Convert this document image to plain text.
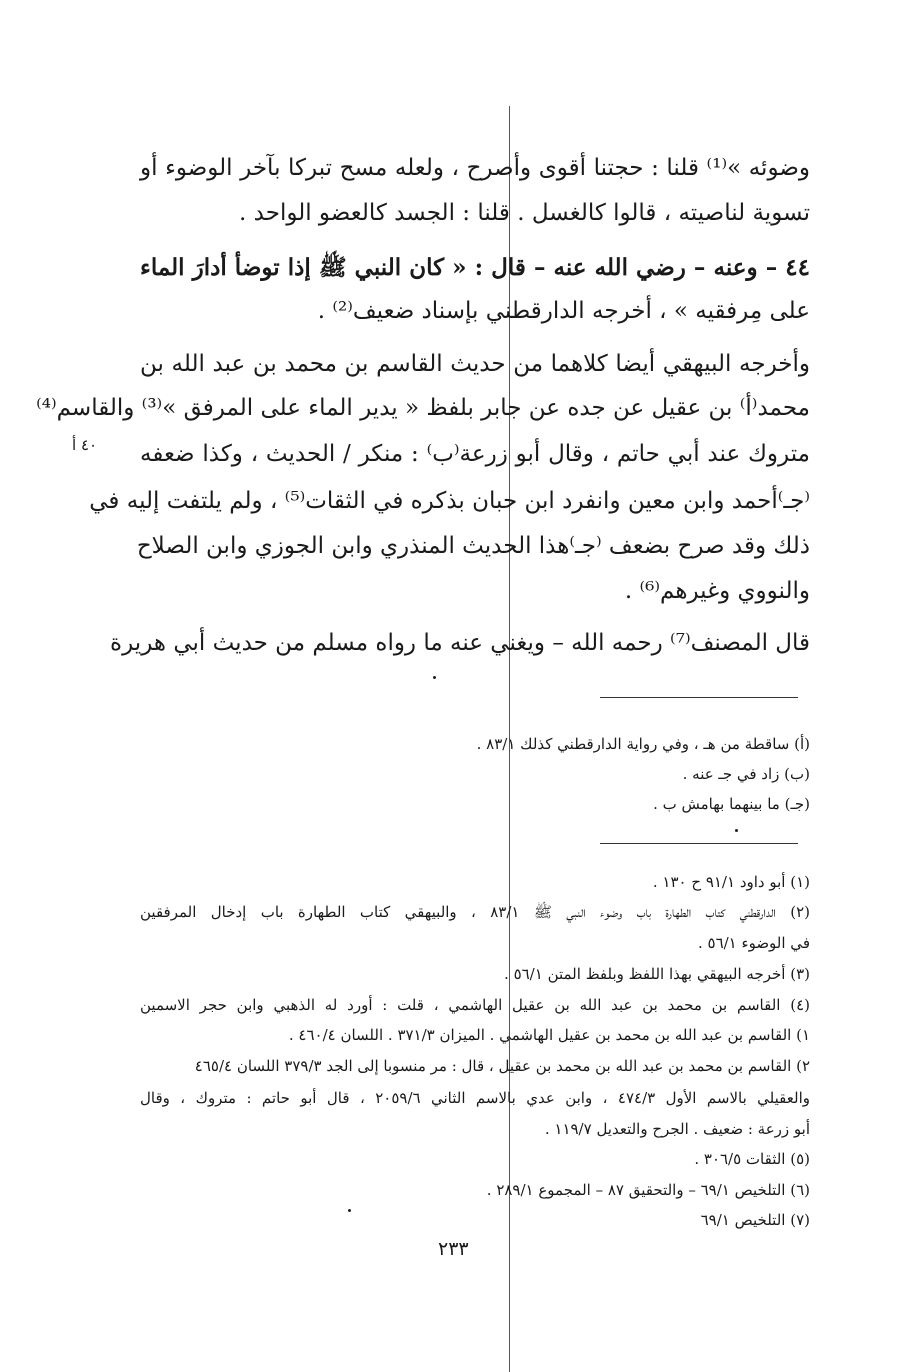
وضوئه »⁽¹⁾ قلنا : حجتنا أقوى وأصرح ، ولعله مسح تبركا بآخر الوضوء أو
تسوية لناصيته ، قالوا كالغسل . قلنا : الجسد كالعضو الواحد .
٤٤ – وعنه – رضي الله عنه – قال : « كان النبي ﷺ إذا توضأ أدارَ الماء
على مِرفقيه » ، أخرجه الدارقطني بإسناد ضعيف⁽²⁾ .
وأخرجه البيهقي أيضا كلاهما من حديث القاسم بن محمد بن عبد الله بن
محمد⁽أ⁾ بن عقيل عن جده عن جابر بلفظ « يدير الماء على المرفق »⁽³⁾ والقاسم⁽⁴⁾
متروك عند أبي حاتم ، وقال أبو زرعة⁽ب⁾ : منكر / الحديث ، وكذا ضعفه
⁽جـ⁾أحمد وابن معين وانفرد ابن حبان بذكره في الثقات⁽⁵⁾ ، ولم يلتفت إليه في
ذلك وقد صرح بضعف ⁽جـ⁾هذا الحديث المنذري وابن الجوزي وابن الصلاح
والنووي وغيرهم⁽⁶⁾ .
قال المصنف⁽⁷⁾ رحمه الله – ويغني عنه ما رواه مسلم من حديث أبي هريرة
٤٠ أ
(أ) ساقطة من هـ ، وفي رواية الدارقطني كذلك ٨٣/١ .
(ب) زاد في جـ عنه .
(جـ) ما بينهما بهامش ب .
(١) أبو داود ٩١/١ ح ١٣٠ .
(٢) الدارقطني كتاب الطهارة باب وضوء النبي ﷺ ٨٣/١ ، والبيهقي كتاب الطهارة باب إدخال المرفقين
في الوضوء ٥٦/١ .
(٣) أخرجه البيهقي بهذا اللفظ وبلفظ المتن ٥٦/١ .
(٤) القاسم بن محمد بن عبد الله بن عقيل الهاشمي ، قلت : أورد له الذهبي وابن حجر الاسمين
١) القاسم بن عبد الله بن محمد بن عقيل الهاشمي . الميزان ٣٧١/٣ . اللسان ٤٦٠/٤ .
٢) القاسم بن محمد بن عبد الله بن محمد بن عقيل ، قال : مر منسوبا إلى الجد ٣٧٩/٣ اللسان ٤٦٥/٤
والعقيلي بالاسم الأول ٤٧٤/٣ ، وابن عدي بالاسم الثاني ٢٠٥٩/٦ ، قال أبو حاتم : متروك ، وقال
أبو زرعة : ضعيف . الجرح والتعديل ١١٩/٧ .
(٥) الثقات ٣٠٦/٥ .
(٦) التلخيص ٦٩/١ – والتحقيق ٨٧ – المجموع ٢٨٩/١ .
(٧) التلخيص ٦٩/١
٢٣٣
